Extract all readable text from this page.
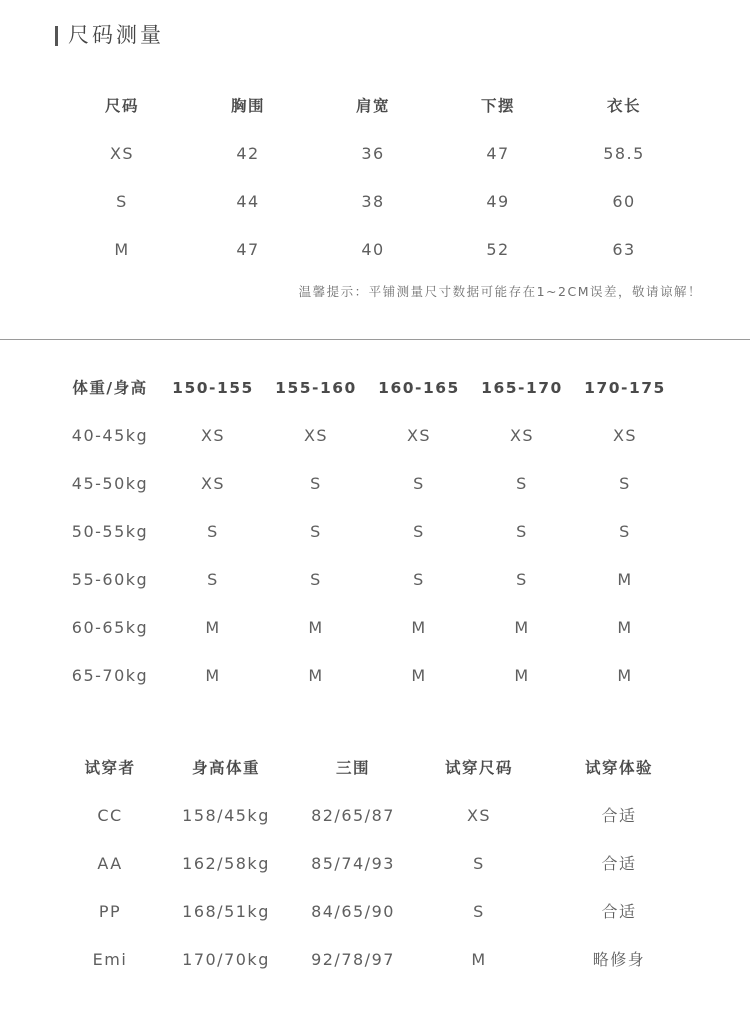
尺码测量
尺码	胸围	肩宽	下摆	衣长
XS	42	36	47	58.5
S	44	38	49	60
M	47	40	52	63
温馨提示：平铺测量尺寸数据可能存在1~2CM误差，敬请谅解！
体重/身高	150-155	155-160	160-165	165-170	170-175
40-45kg	XS	XS	XS	XS	XS
45-50kg	XS	S	S	S	S
50-55kg	S	S	S	S	S
55-60kg	S	S	S	S	M
60-65kg	M	M	M	M	M
65-70kg	M	M	M	M	M
试穿者	身高体重	三围	试穿尺码	试穿体验
CC	158/45kg	82/65/87	XS	合适
AA	162/58kg	85/74/93	S	合适
PP	168/51kg	84/65/90	S	合适
Emi	170/70kg	92/78/97	M	略修身
